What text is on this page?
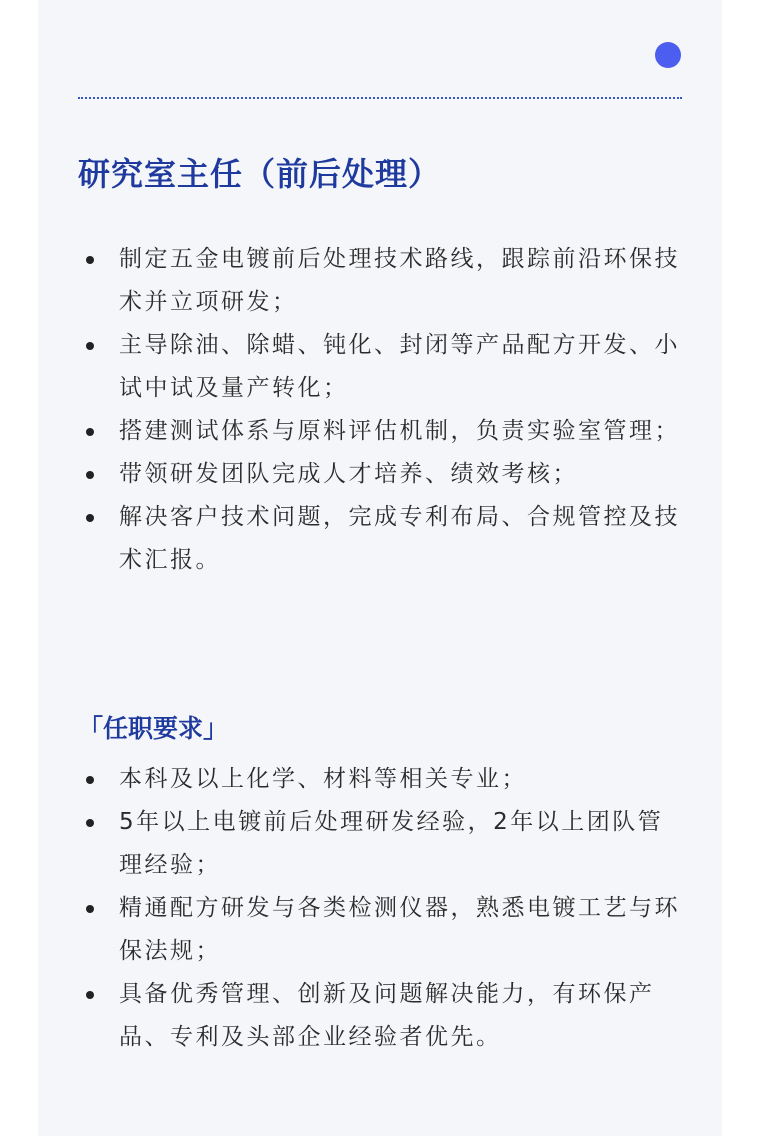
研究室主任（前后处理）
制定五金电镀前后处理技术路线，跟踪前沿环保技术并立项研发；
主导除油、除蜡、钝化、封闭等产品配方开发、小试中试及量产转化；
搭建测试体系与原料评估机制，负责实验室管理；
带领研发团队完成人才培养、绩效考核；
解决客户技术问题，完成专利布局、合规管控及技术汇报。
「任职要求」
本科及以上化学、材料等相关专业；
5年以上电镀前后处理研发经验，2年以上团队管理经验；
精通配方研发与各类检测仪器，熟悉电镀工艺与环保法规；
具备优秀管理、创新及问题解决能力，有环保产品、专利及头部企业经验者优先。
